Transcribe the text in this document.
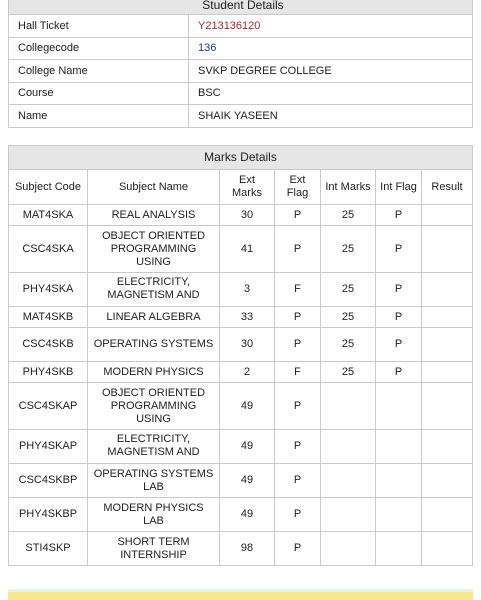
Student Details	
Hall Ticket	Y213136120
Collegecode	136
College Name	SVKP DEGREE COLLEGE
Course	BSC
Name	SHAIK YASEEN
Marks Details						
Subject Code	Subject Name	Ext Marks	Ext Flag	Int Marks	Int Flag	Result
MAT4SKA	REAL ANALYSIS	30	P	25	P	
CSC4SKA	OBJECT ORIENTED PROGRAMMING USING	41	P	25	P	
PHY4SKA	ELECTRICITY, MAGNETISM AND	3	F	25	P	
MAT4SKB	LINEAR ALGEBRA	33	P	25	P	
CSC4SKB	OPERATING SYSTEMS	30	P	25	P	
PHY4SKB	MODERN PHYSICS	2	F	25	P	
CSC4SKAP	OBJECT ORIENTED PROGRAMMING USING	49	P			
PHY4SKAP	ELECTRICITY, MAGNETISM AND	49	P			
CSC4SKBP	OPERATING SYSTEMS LAB	49	P			
PHY4SKBP	MODERN PHYSICS LAB	49	P			
STI4SKP	SHORT TERM INTERNSHIP	98	P			
